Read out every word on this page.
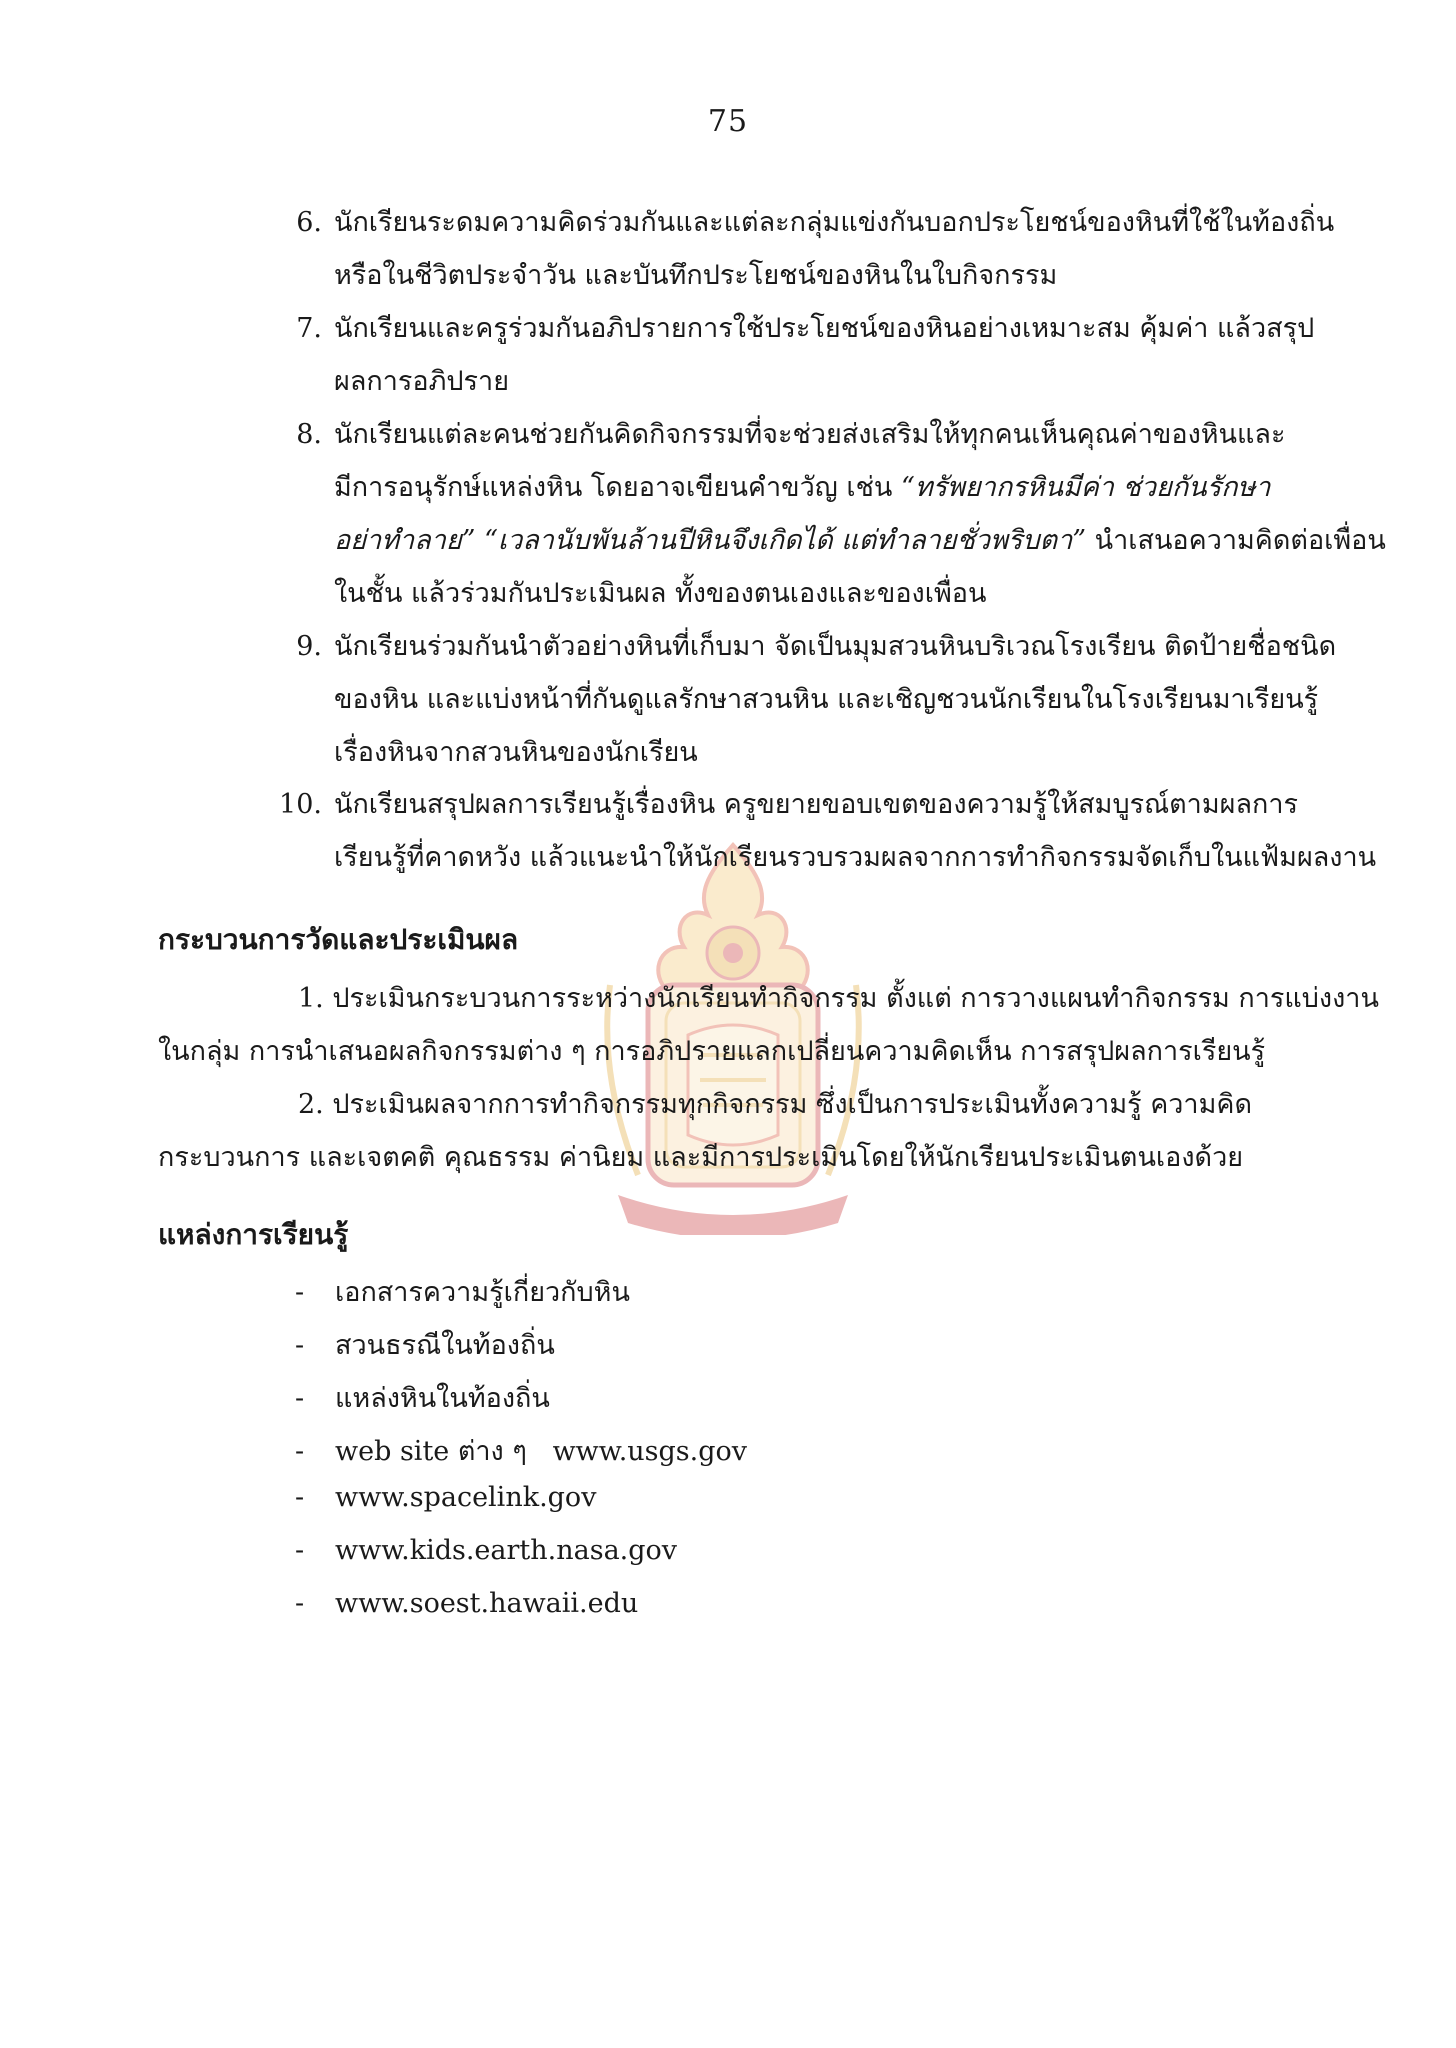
75
6. นักเรียนระดมความคิดร่วมกันและแต่ละกลุ่มแข่งกันบอกประโยชน์ของหินที่ใช้ในท้องถิ่น
หรือในชีวิตประจำวัน และบันทึกประโยชน์ของหินในใบกิจกรรม
7. นักเรียนและครูร่วมกันอภิปรายการใช้ประโยชน์ของหินอย่างเหมาะสม คุ้มค่า แล้วสรุป
ผลการอภิปราย
8. นักเรียนแต่ละคนช่วยกันคิดกิจกรรมที่จะช่วยส่งเสริมให้ทุกคนเห็นคุณค่าของหินและ
มีการอนุรักษ์แหล่งหิน โดยอาจเขียนคำขวัญ เช่น “ทรัพยากรหินมีค่า ช่วยกันรักษา
อย่าทำลาย” “เวลานับพันล้านปีหินจึงเกิดได้ แต่ทำลายชั่วพริบตา” นำเสนอความคิดต่อเพื่อน
ในชั้น แล้วร่วมกันประเมินผล ทั้งของตนเองและของเพื่อน
9. นักเรียนร่วมกันนำตัวอย่างหินที่เก็บมา จัดเป็นมุมสวนหินบริเวณโรงเรียน ติดป้ายชื่อชนิด
ของหิน และแบ่งหน้าที่กันดูแลรักษาสวนหิน และเชิญชวนนักเรียนในโรงเรียนมาเรียนรู้
เรื่องหินจากสวนหินของนักเรียน
10. นักเรียนสรุปผลการเรียนรู้เรื่องหิน ครูขยายขอบเขตของความรู้ให้สมบูรณ์ตามผลการ
เรียนรู้ที่คาดหวัง แล้วแนะนำให้นักเรียนรวบรวมผลจากการทำกิจกรรมจัดเก็บในแฟ้มผลงาน
กระบวนการวัดและประเมินผล
1. ประเมินกระบวนการระหว่างนักเรียนทำกิจกรรม ตั้งแต่ การวางแผนทำกิจกรรม การแบ่งงาน
ในกลุ่ม การนำเสนอผลกิจกรรมต่าง ๆ การอภิปรายแลกเปลี่ยนความคิดเห็น การสรุปผลการเรียนรู้
2. ประเมินผลจากการทำกิจกรรมทุกกิจกรรม ซึ่งเป็นการประเมินทั้งความรู้ ความคิด
กระบวนการ และเจตคติ คุณธรรม ค่านิยม และมีการประเมินโดยให้นักเรียนประเมินตนเองด้วย
แหล่งการเรียนรู้
- เอกสารความรู้เกี่ยวกับหิน
- สวนธรณีในท้องถิ่น
- แหล่งหินในท้องถิ่น
- web site ต่าง ๆ   www.usgs.gov
- www.spacelink.gov
- www.kids.earth.nasa.gov
- www.soest.hawaii.edu
